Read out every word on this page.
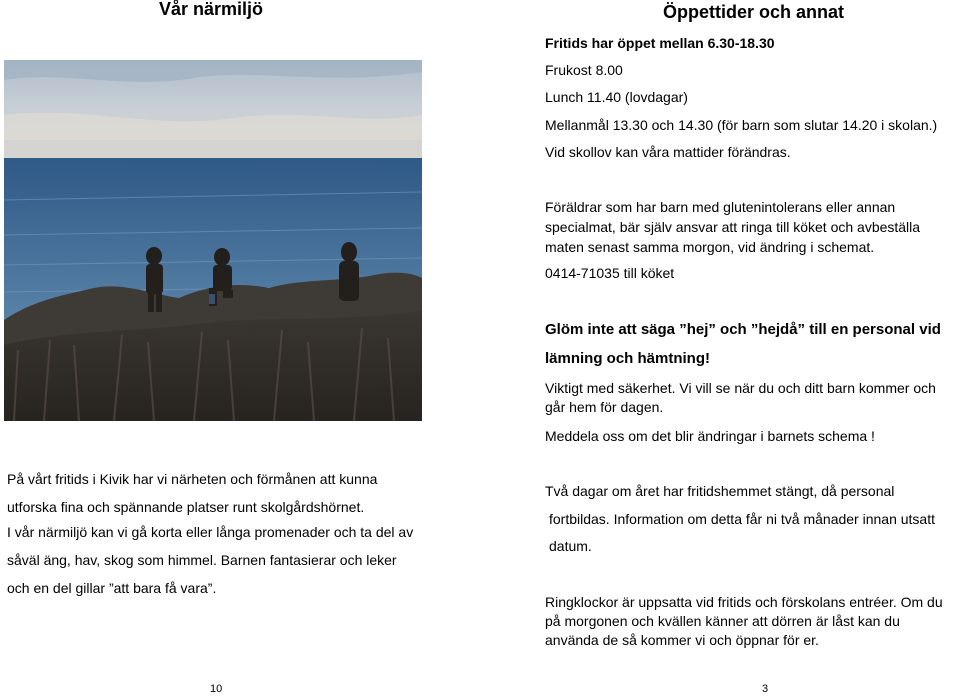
Vår närmiljö
På vårt fritids i Kivik har vi närheten och förmånen att kunna
utforska fina och spännande platser runt skolgårdshörnet.
I vår närmiljö kan vi gå korta eller långa promenader och ta del av
såväl äng, hav, skog som himmel. Barnen fantasierar och leker
och en del gillar ”att bara få vara”.
10
Öppettider och annat
Fritids har öppet mellan 6.30-18.30
Frukost 8.00
Lunch 11.40 (lovdagar)
Mellanmål 13.30 och 14.30 (för barn som slutar 14.20 i skolan.)
Vid skollov kan våra mattider förändras.
Föräldrar som har barn med glutenintolerans eller annan
specialmat, bär själv ansvar att ringa till köket och avbeställa
maten senast samma morgon, vid ändring i schemat.
0414-71035 till köket
Glöm inte att säga ”hej” och ”hejdå” till en personal vid
lämning och hämtning!
Viktigt med säkerhet. Vi vill se när du och ditt barn kommer och
går hem för dagen.
Meddela oss om det blir ändringar i barnets schema !
Två dagar om året har fritidshemmet stängt, då personal
fortbildas. Information om detta får ni två månader innan utsatt
datum.
Ringklockor är uppsatta vid fritids och förskolans entréer. Om du
på morgonen och kvällen känner att dörren är låst kan du
använda de så kommer vi och öppnar för er.
3
